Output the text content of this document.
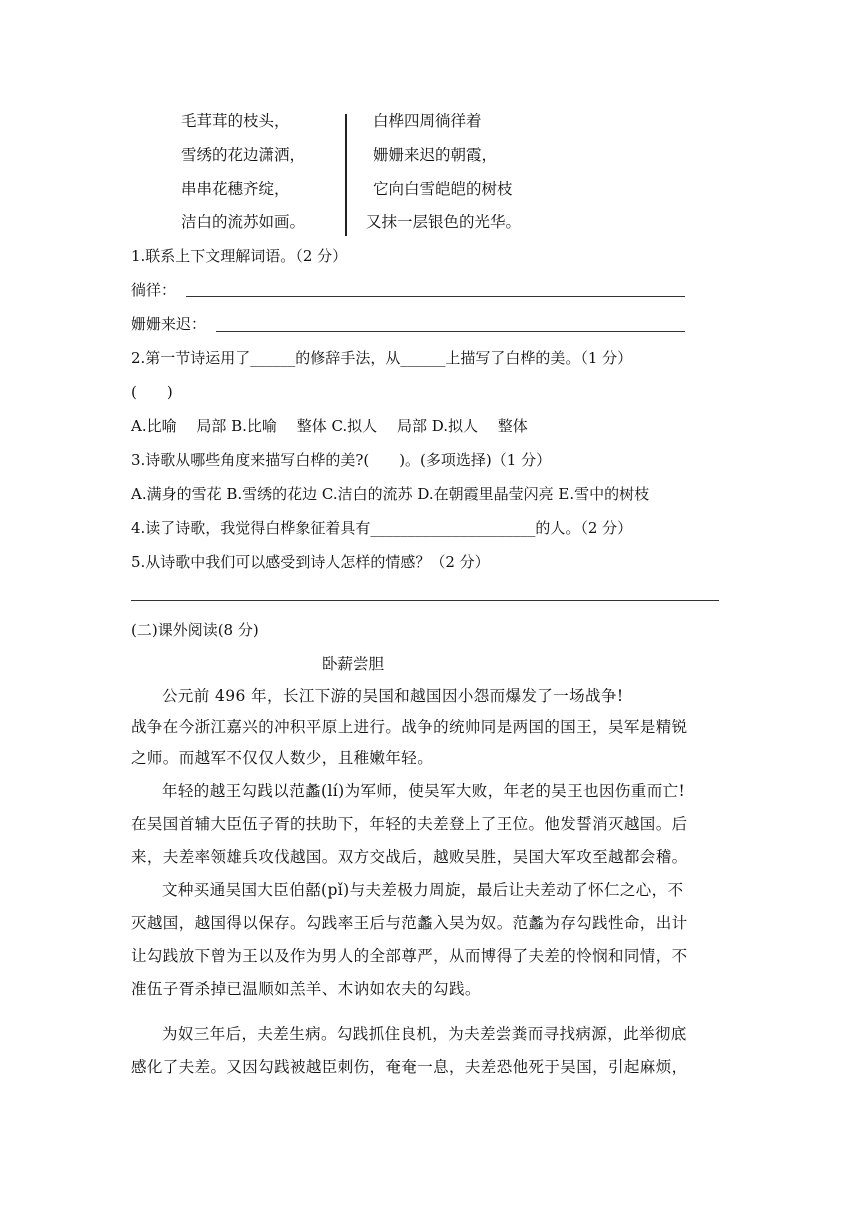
毛茸茸的枝头，
雪绣的花边潇洒，
串串花穗齐绽，
洁白的流苏如画。
白桦四周徜徉着
姗姗来迟的朝霞，
它向白雪皑皑的树枝
又抹一层银色的光华。
1.联系上下文理解词语。（2 分）
徜徉：
姗姗来迟：
2.第一节诗运用了______的修辞手法，从______上描写了白桦的美。（1 分）
(　　)
A.比喻　 局部 B.比喻　 整体 C.拟人　 局部 D.拟人　 整体
3.诗歌从哪些角度来描写白桦的美?(　　)。(多项选择)（1 分）
A.满身的雪花 B.雪绣的花边 C.洁白的流苏 D.在朝霞里晶莹闪亮 E.雪中的树枝
4.读了诗歌，我觉得白桦象征着具有______________________的人。（2 分）
5.从诗歌中我们可以感受到诗人怎样的情感？（2 分）
(二)课外阅读(8 分)
卧薪尝胆
公元前 496 年，长江下游的吴国和越国因小怨而爆发了一场战争!
战争在今浙江嘉兴的冲积平原上进行。战争的统帅同是两国的国王，吴军是精锐
之师。而越军不仅仅人数少，且稚嫩年轻。
年轻的越王勾践以范蠡(lí)为军师，使吴军大败，年老的吴王也因伤重而亡!
在吴国首辅大臣伍子胥的扶助下，年轻的夫差登上了王位。他发誓消灭越国。后
来，夫差率领雄兵攻伐越国。双方交战后，越败吴胜，吴国大军攻至越都会稽。
文种买通吴国大臣伯嚭(pǐ)与夫差极力周旋，最后让夫差动了怀仁之心，不
灭越国，越国得以保存。勾践率王后与范蠡入吴为奴。范蠡为存勾践性命，出计
让勾践放下曾为王以及作为男人的全部尊严，从而博得了夫差的怜悯和同情，不
准伍子胥杀掉已温顺如羔羊、木讷如农夫的勾践。
为奴三年后，夫差生病。勾践抓住良机，为夫差尝粪而寻找病源，此举彻底
感化了夫差。又因勾践被越臣刺伤，奄奄一息，夫差恐他死于吴国，引起麻烦，
